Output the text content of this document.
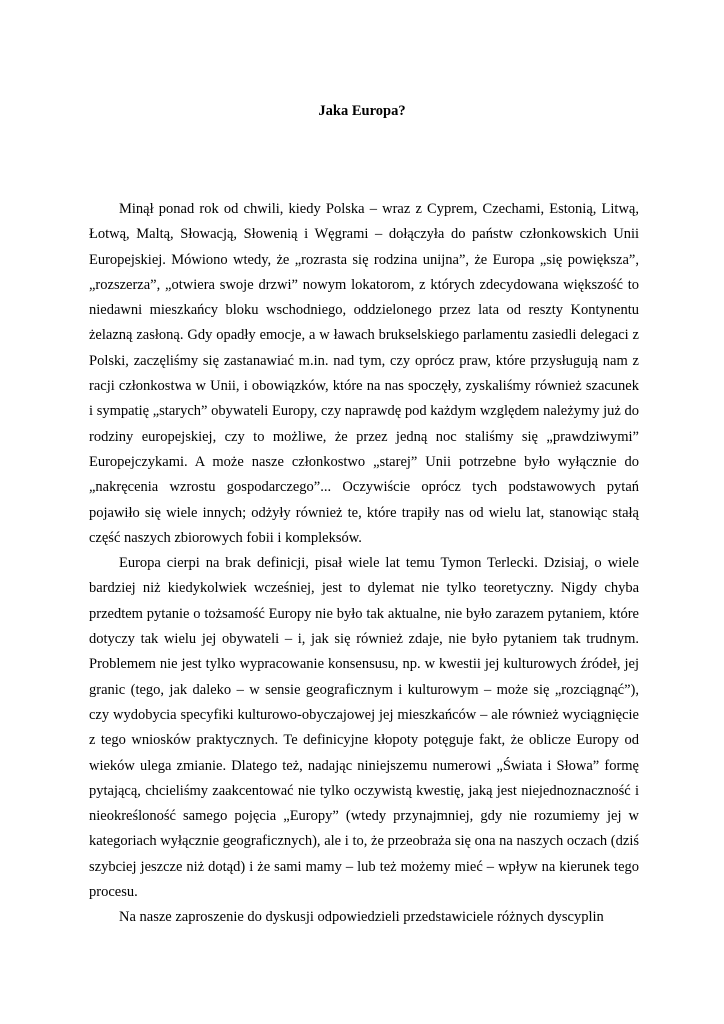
Jaka Europa?

Minął ponad rok od chwili, kiedy Polska – wraz z Cyprem, Czechami, Estonią, Litwą, Łotwą, Maltą, Słowacją, Słowenią i Węgrami – dołączyła do państw członkowskich Unii Europejskiej. Mówiono wtedy, że „rozrasta się rodzina unijna”, że Europa „się powiększa”, „rozszerza”, „otwiera swoje drzwi” nowym lokatorom, z których zdecydowana większość to niedawni mieszkańcy bloku wschodniego, oddzielonego przez lata od reszty Kontynentu żelazną zasłoną. Gdy opadły emocje, a w ławach brukselskiego parlamentu zasiedli delegaci z Polski, zaczęliśmy się zastanawiać m.in. nad tym, czy oprócz praw, które przysługują nam z racji członkostwa w Unii, i obowiązków, które na nas spoczęły, zyskaliśmy również szacunek i sympatię „starych” obywateli Europy, czy naprawdę pod każdym względem należymy już do rodziny europejskiej, czy to możliwe, że przez jedną noc staliśmy się „prawdziwymi” Europejczykami. A może nasze członkostwo „starej” Unii potrzebne było wyłącznie do „nakręcenia wzrostu gospodarczego”... Oczywiście oprócz tych podstawowych pytań pojawiło się wiele innych; odżyły również te, które trapiły nas od wielu lat, stanowiąc stałą część naszych zbiorowych fobii i kompleksów.

Europa cierpi na brak definicji, pisał wiele lat temu Tymon Terlecki. Dzisiaj, o wiele bardziej niż kiedykolwiek wcześniej, jest to dylemat nie tylko teoretyczny. Nigdy chyba przedtem pytanie o tożsamość Europy nie było tak aktualne, nie było zarazem pytaniem, które dotyczy tak wielu jej obywateli – i, jak się również zdaje, nie było pytaniem tak trudnym. Problemem nie jest tylko wypracowanie konsensusu, np. w kwestii jej kulturowych źródeł, jej granic (tego, jak daleko – w sensie geograficznym i kulturowym – może się „rozciągnąć”), czy wydobycia specyfiki kulturowo-obyczajowej jej mieszkańców – ale również wyciągnięcie z tego wniosków praktycznych. Te definicyjne kłopoty potęguje fakt, że oblicze Europy od wieków ulega zmianie. Dlatego też, nadając niniejszemu numerowi „Świata i Słowa” formę pytającą, chcieliśmy zaakcentować nie tylko oczywistą kwestię, jaką jest niejednoznaczność i nieokreśloność samego pojęcia „Europy” (wtedy przynajmniej, gdy nie rozumiemy jej w kategoriach wyłącznie geograficznych), ale i to, że przeobraża się ona na naszych oczach (dziś szybciej jeszcze niż dotąd) i że sami mamy – lub też możemy mieć – wpływ na kierunek tego procesu.

Na nasze zaproszenie do dyskusji odpowiedzieli przedstawiciele różnych dyscyplin
